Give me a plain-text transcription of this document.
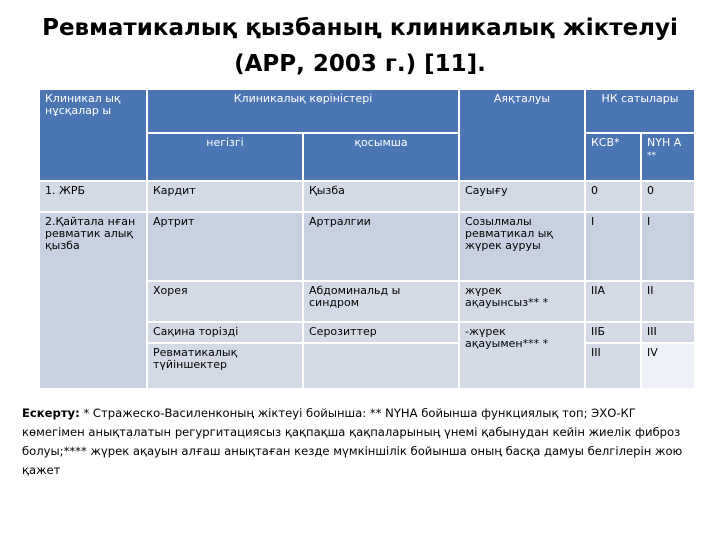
Ревматикалық қызбаның клиникалық жіктелуі
(АРР, 2003 г.) [11].
Клиникал ық нұсқалар ы	Клиникалық көріністері		Аяқталуы	НК сатылары	
	негізгі	қосымша		КСВ*	NYH A
**
1. ЖРБ	Кардит	Қызба	Сауығу	0	0
2.Қайтала нған ревматик алық қызба	Артрит	Артралгии	Созылмалы ревматикал ық жүрек ауруы	I	I
	Хорея	Абдоминальд ы синдром	жүрек ақауынсыз** *	IIА	II
	Сақина торізді	Серозиттер	-жүрек ақауымен*** *	IIБ	III
	Ревматикалық түйіншектер			III	IV
Ескерту: * Стражеско-Василенконың жіктеуі бойынша: ** NYHA бойынша функциялық топ; ЭХО-КГ көмегімен анықталатын регургитациясыз қақпақша қақпаларының үнемі қабынудан кейін жиелік фиброз болуы;**** жүрек ақауын алғаш анықтаған кезде мүмкіншілік бойынша оның басқа дамуы белгілерін жою қажет
